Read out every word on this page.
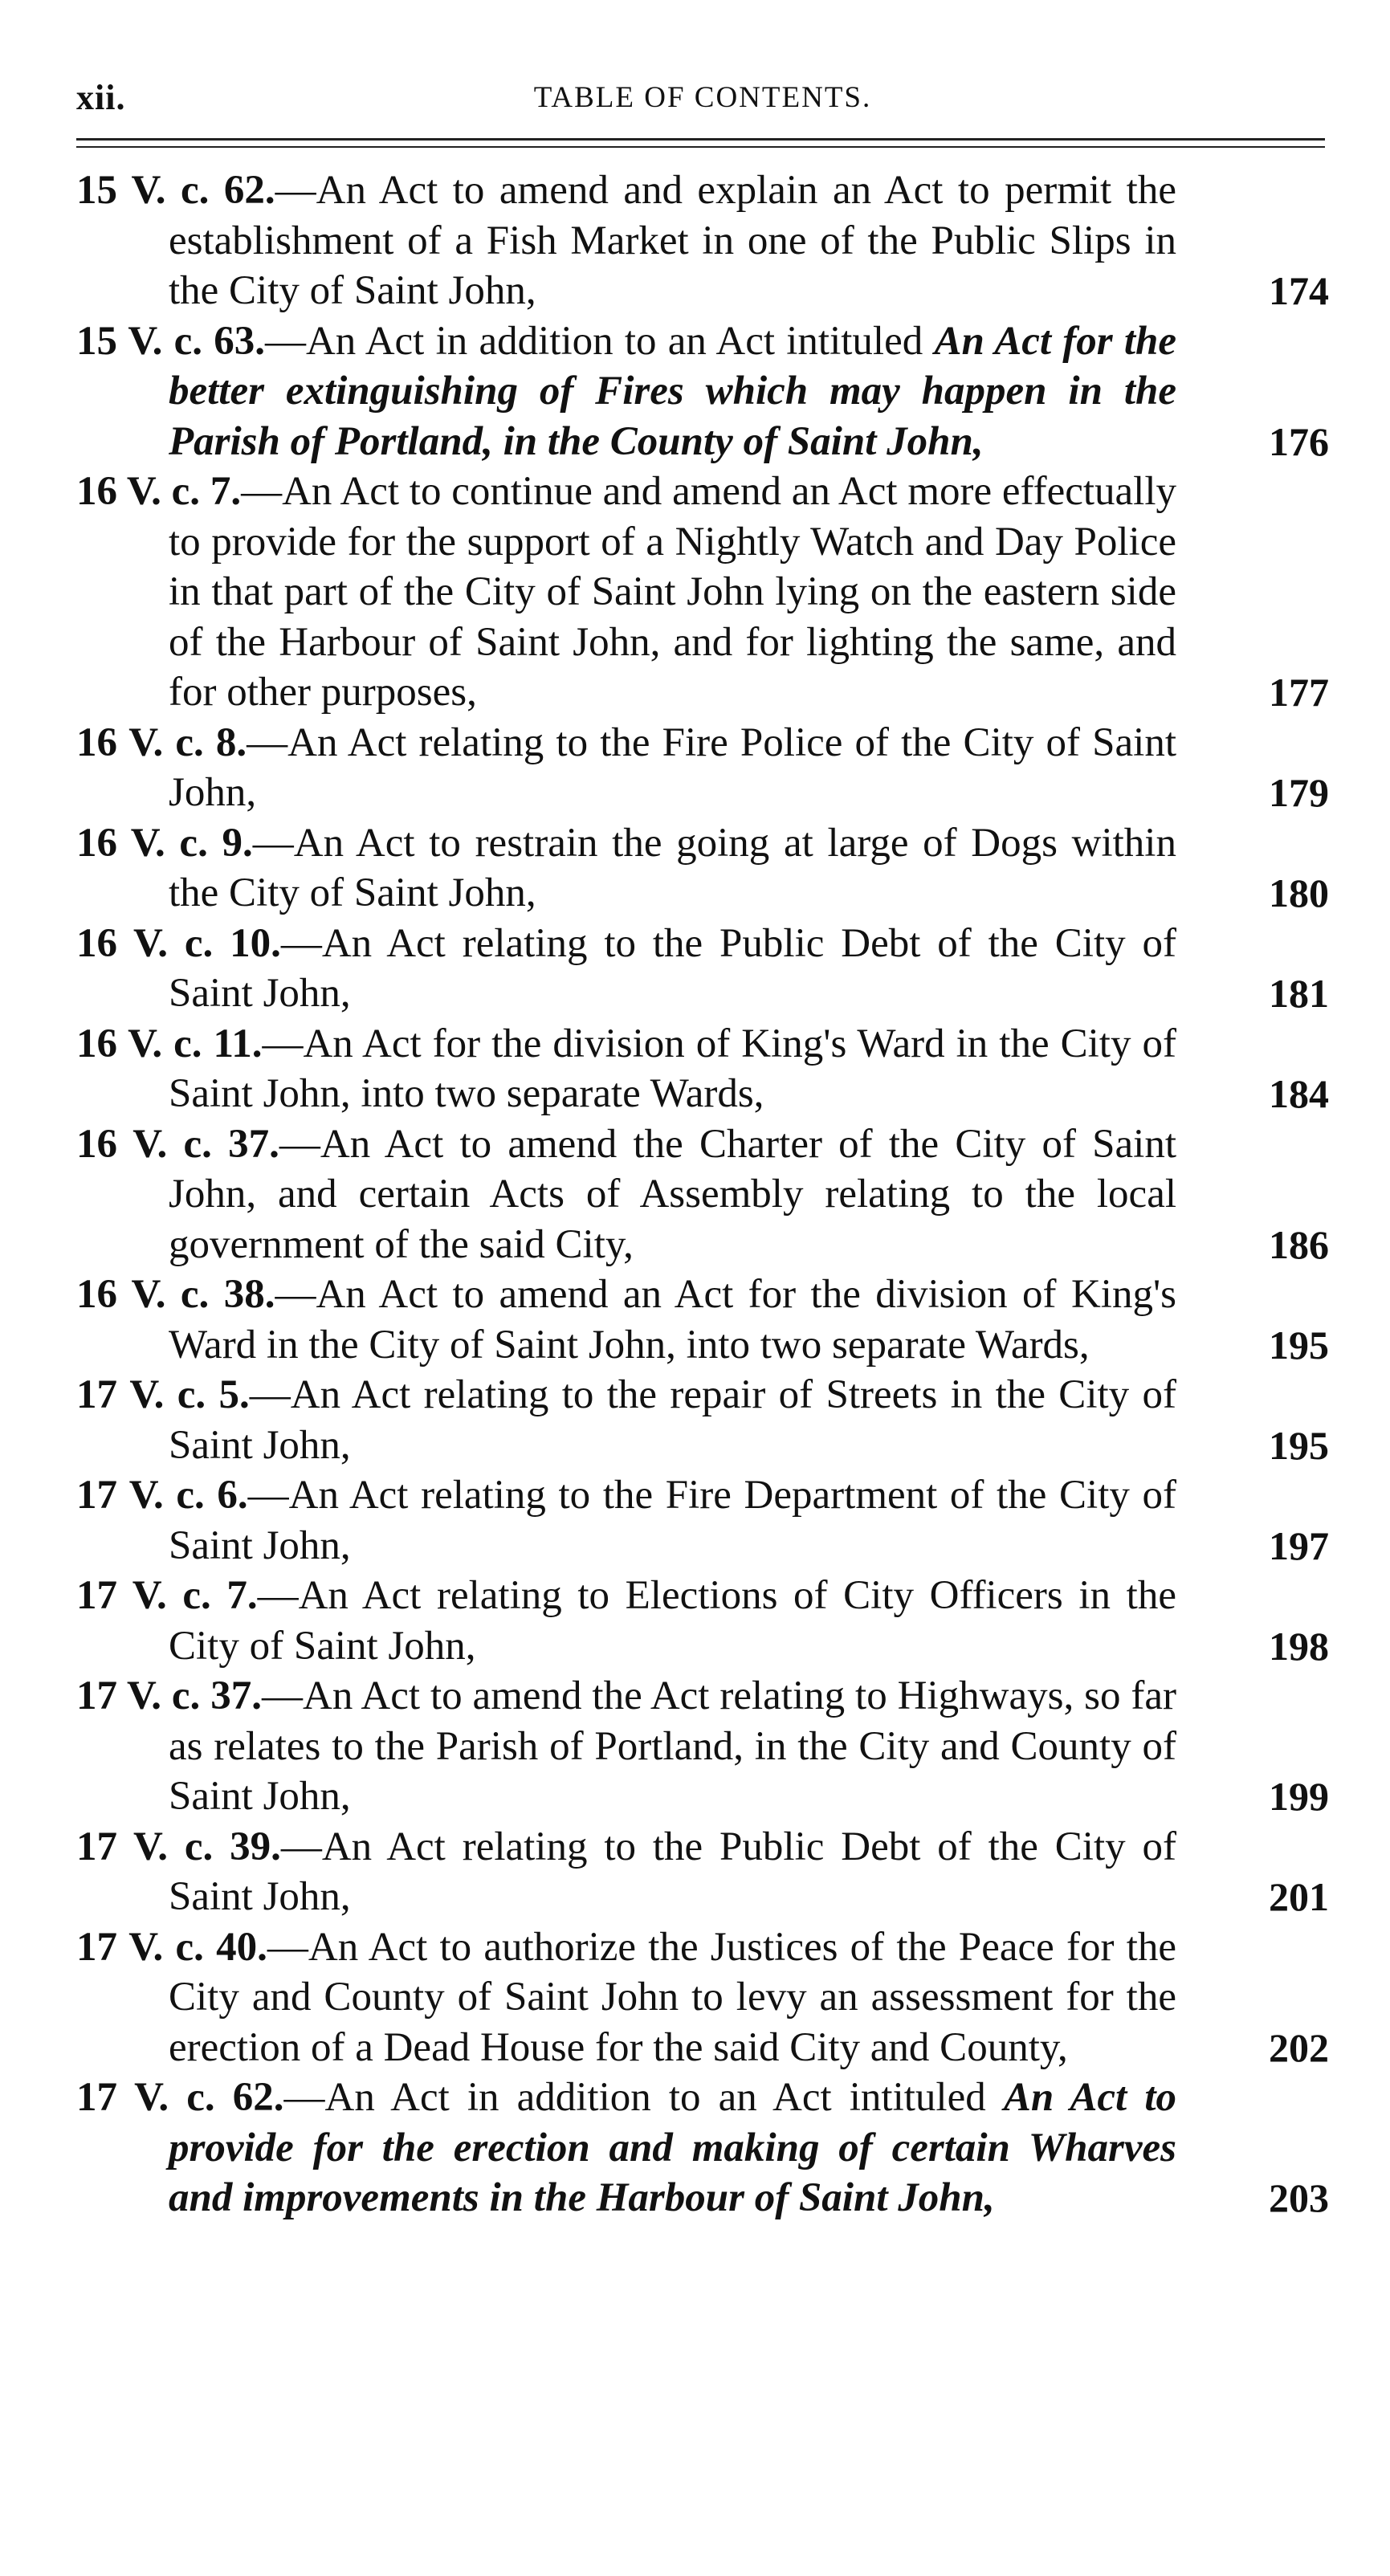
xii.	TABLE OF CONTENTS.
15 V. c. 62.—An Act to amend and explain an Act to permit the establishment of a Fish Market in one of the Public Slips in the City of Saint John,	174
15 V. c. 63.—An Act in addition to an Act intituled An Act for the better extinguishing of Fires which may happen in the Parish of Portland, in the County of Saint John,	176
16 V. c. 7.—An Act to continue and amend an Act more effectually to provide for the support of a Nightly Watch and Day Police in that part of the City of Saint John lying on the eastern side of the Harbour of Saint John, and for lighting the same, and for other purposes,	177
16 V. c. 8.—An Act relating to the Fire Police of the City of Saint John,	179
16 V. c. 9.—An Act to restrain the going at large of Dogs within the City of Saint John,	180
16 V. c. 10.—An Act relating to the Public Debt of the City of Saint John,	181
16 V. c. 11.—An Act for the division of King's Ward in the City of Saint John, into two separate Wards,	184
16 V. c. 37.—An Act to amend the Charter of the City of Saint John, and certain Acts of Assembly relating to the local government of the said City,	186
16 V. c. 38.—An Act to amend an Act for the division of King's Ward in the City of Saint John, into two separate Wards,	195
17 V. c. 5.—An Act relating to the repair of Streets in the City of Saint John,	195
17 V. c. 6.—An Act relating to the Fire Department of the City of Saint John,	197
17 V. c. 7.—An Act relating to Elections of City Officers in the City of Saint John,	198
17 V. c. 37.—An Act to amend the Act relating to Highways, so far as relates to the Parish of Portland, in the City and County of Saint John,	199
17 V. c. 39.—An Act relating to the Public Debt of the City of Saint John,	201
17 V. c. 40.—An Act to authorize the Justices of the Peace for the City and County of Saint John to levy an assessment for the erection of a Dead House for the said City and County,	202
17 V. c. 62.—An Act in addition to an Act intituled An Act to provide for the erection and making of certain Wharves and improvements in the Harbour of Saint John,	203
